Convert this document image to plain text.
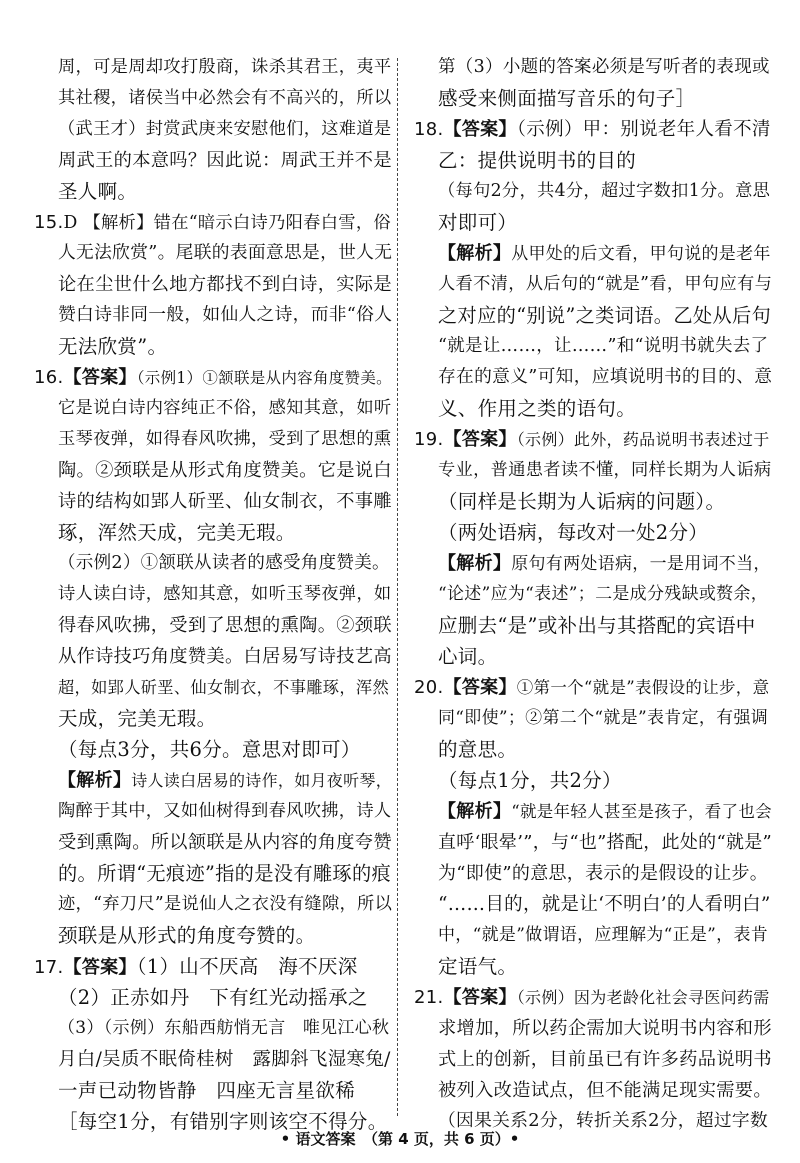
周，可是周却攻打殷商，诛杀其君王，夷平
其社稷，诸侯当中必然会有不高兴的，所以
（武王才）封赏武庚来安慰他们，这难道是
周武王的本意吗？因此说：周武王并不是
圣人啊。
15.D 【解析】错在“暗示白诗乃阳春白雪，俗
人无法欣赏”。尾联的表面意思是，世人无
论在尘世什么地方都找不到白诗，实际是
赞白诗非同一般，如仙人之诗，而非“俗人
无法欣赏”。
16.【答案】（示例1）①颔联是从内容角度赞美。
它是说白诗内容纯正不俗，感知其意，如听
玉琴夜弹，如得春风吹拂，受到了思想的熏
陶。②颈联是从形式角度赞美。它是说白
诗的结构如郢人斫垩、仙女制衣，不事雕
琢，浑然天成，完美无瑕。
（示例2）①颔联从读者的感受角度赞美。
诗人读白诗，感知其意，如听玉琴夜弹，如
得春风吹拂，受到了思想的熏陶。②颈联
从作诗技巧角度赞美。白居易写诗技艺高
超，如郢人斫垩、仙女制衣，不事雕琢，浑然
天成，完美无瑕。
（每点3分，共6分。意思对即可）
【解析】诗人读白居易的诗作，如月夜听琴，
陶醉于其中，又如仙树得到春风吹拂，诗人
受到熏陶。所以颔联是从内容的角度夸赞
的。所谓“无痕迹”指的是没有雕琢的痕
迹，“弃刀尺”是说仙人之衣没有缝隙，所以
颈联是从形式的角度夸赞的。
17.【答案】（1）山不厌高　海不厌深
（2）正赤如丹　下有红光动摇承之
（3）（示例）东船西舫悄无言　唯见江心秋
月白/吴质不眠倚桂树　露脚斜飞湿寒兔/
一声已动物皆静　四座无言星欲稀
［每空1分，有错别字则该空不得分。
第（3）小题的答案必须是写听者的表现或
感受来侧面描写音乐的句子］
18.【答案】（示例）甲：别说老年人看不清
乙：提供说明书的目的
（每句2分，共4分，超过字数扣1分。意思
对即可）
【解析】从甲处的后文看，甲句说的是老年
人看不清，从后句的“就是”看，甲句应有与
之对应的“别说”之类词语。乙处从后句
“就是让……，让……”和“说明书就失去了
存在的意义”可知，应填说明书的目的、意
义、作用之类的语句。
19.【答案】（示例）此外，药品说明书表述过于
专业，普通患者读不懂，同样长期为人诟病
（同样是长期为人诟病的问题）。
（两处语病，每改对一处2分）
【解析】原句有两处语病，一是用词不当，
“论述”应为“表述”；二是成分残缺或赘余，
应删去“是”或补出与其搭配的宾语中
心词。
20.【答案】①第一个“就是”表假设的让步，意
同“即使”；②第二个“就是”表肯定，有强调
的意思。
（每点1分，共2分）
【解析】“就是年轻人甚至是孩子，看了也会
直呼‘眼晕’”，与“也”搭配，此处的“就是”
为“即使”的意思，表示的是假设的让步。
“……目的，就是让‘不明白’的人看明白”
中，“就是”做谓语，应理解为“正是”，表肯
定语气。
21.【答案】（示例）因为老龄化社会寻医问药需
求增加，所以药企需加大说明书内容和形
式上的创新，目前虽已有许多药品说明书
被列入改造试点，但不能满足现实需要。
（因果关系2分，转折关系2分，超过字数
• 语文答案　（第 4 页，共 6 页）•
